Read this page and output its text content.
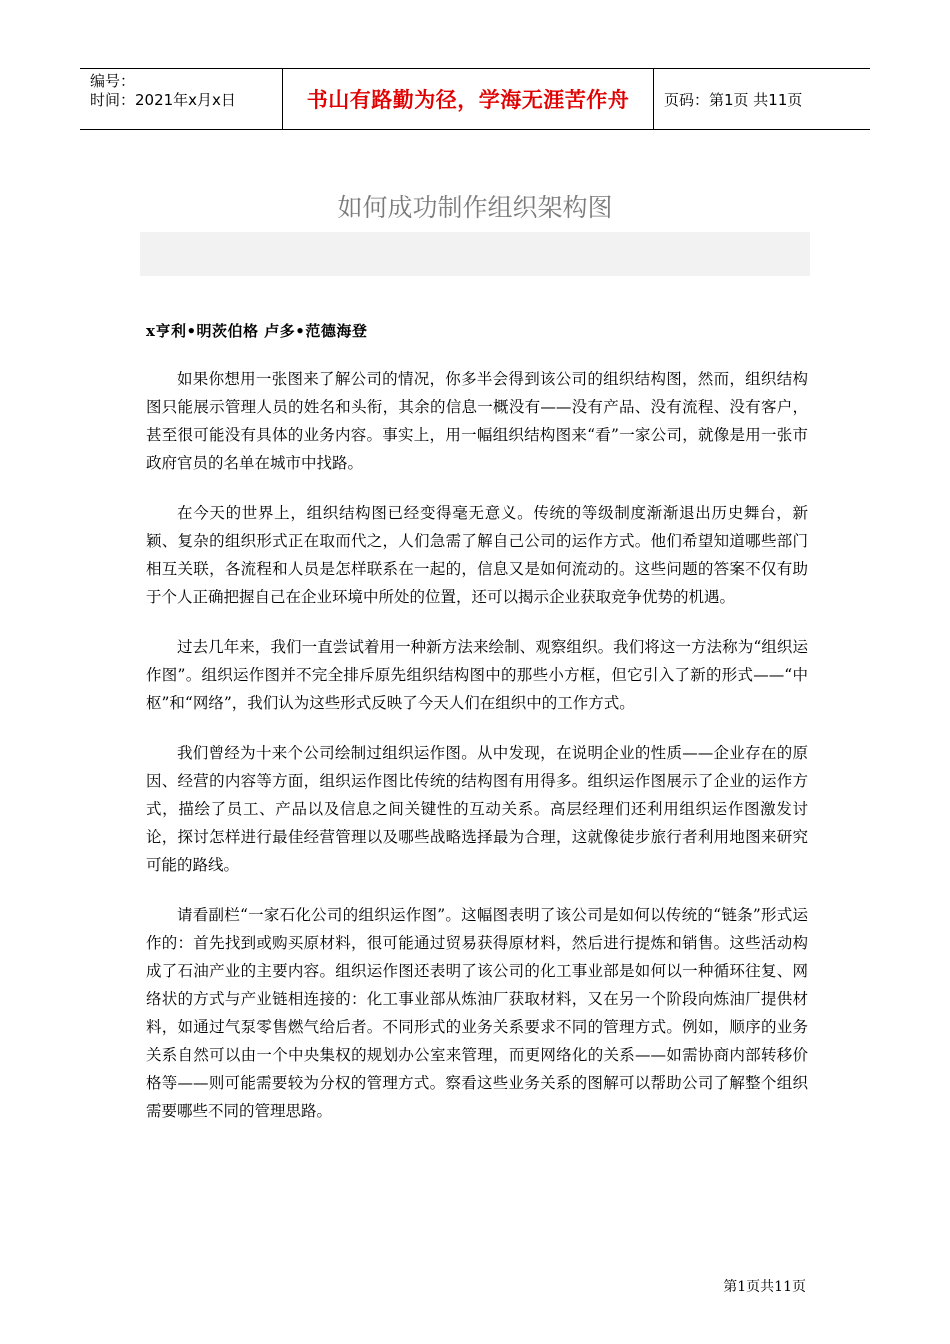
编号：
时间：2021年x月x日	书山有路勤为径，学海无涯苦作舟	页码：第1页 共11页
如何成功制作组织架构图
x亨利•明茨伯格 卢多•范德海登

如果你想用一张图来了解公司的情况，你多半会得到该公司的组织结构图，然而，组织结构图只能展示管理人员的姓名和头衔，其余的信息一概没有——没有产品、没有流程、没有客户，甚至很可能没有具体的业务内容。事实上，用一幅组织结构图来“看”一家公司，就像是用一张市政府官员的名单在城市中找路。

在今天的世界上，组织结构图已经变得毫无意义。传统的等级制度渐渐退出历史舞台，新颖、复杂的组织形式正在取而代之，人们急需了解自己公司的运作方式。他们希望知道哪些部门相互关联，各流程和人员是怎样联系在一起的，信息又是如何流动的。这些问题的答案不仅有助于个人正确把握自己在企业环境中所处的位置，还可以揭示企业获取竞争优势的机遇。

过去几年来，我们一直尝试着用一种新方法来绘制、观察组织。我们将这一方法称为“组织运作图”。组织运作图并不完全排斥原先组织结构图中的那些小方框，但它引入了新的形式——“中枢”和“网络”，我们认为这些形式反映了今天人们在组织中的工作方式。

我们曾经为十来个公司绘制过组织运作图。从中发现，在说明企业的性质——企业存在的原因、经营的内容等方面，组织运作图比传统的结构图有用得多。组织运作图展示了企业的运作方式，描绘了员工、产品以及信息之间关键性的互动关系。高层经理们还利用组织运作图激发讨论，探讨怎样进行最佳经营管理以及哪些战略选择最为合理，这就像徒步旅行者利用地图来研究可能的路线。

请看副栏“一家石化公司的组织运作图”。这幅图表明了该公司是如何以传统的“链条”形式运作的：首先找到或购买原材料，很可能通过贸易获得原材料，然后进行提炼和销售。这些活动构成了石油产业的主要内容。组织运作图还表明了该公司的化工事业部是如何以一种循环往复、网络状的方式与产业链相连接的：化工事业部从炼油厂获取材料，又在另一个阶段向炼油厂提供材料，如通过气泵零售燃气给后者。不同形式的业务关系要求不同的管理方式。例如，顺序的业务关系自然可以由一个中央集权的规划办公室来管理，而更网络化的关系——如需协商内部转移价格等——则可能需要较为分权的管理方式。察看这些业务关系的图解可以帮助公司了解整个组织需要哪些不同的管理思路。

第1页共11页
